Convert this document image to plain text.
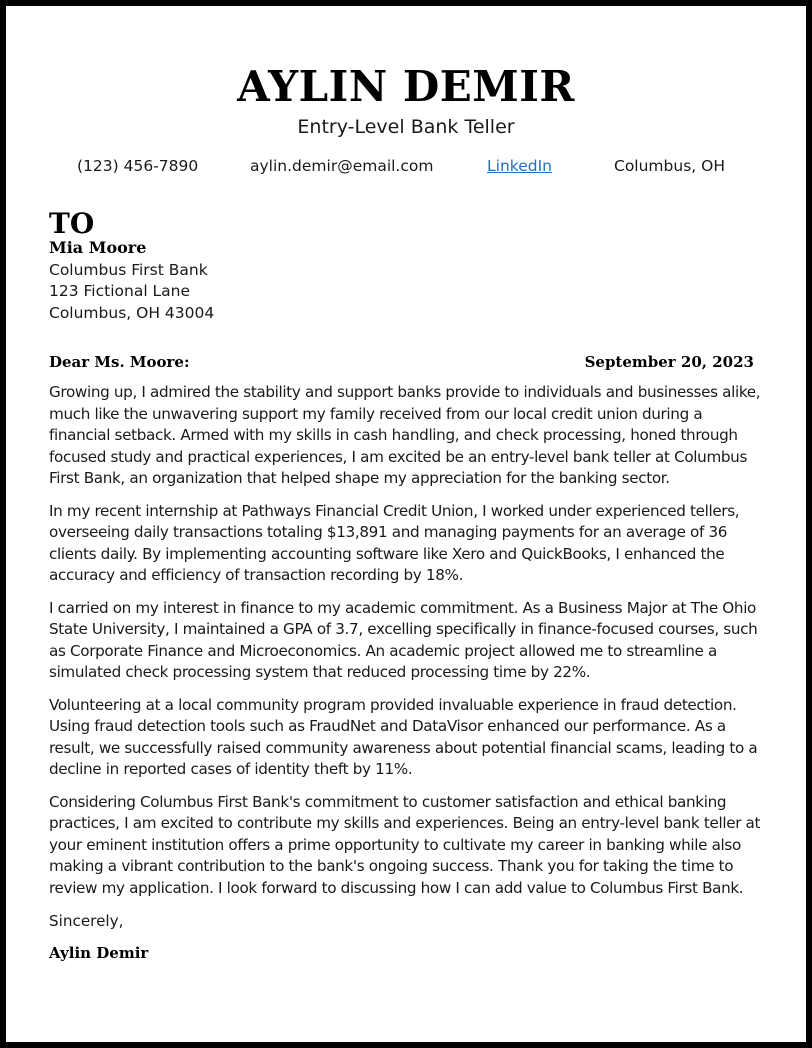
AYLIN DEMIR
Entry-Level Bank Teller
(123) 456-7890	aylin.demir@email.com	LinkedIn	Columbus, OH
TO
Mia Moore
Columbus First Bank
123 Fictional Lane
Columbus, OH 43004
Dear Ms. Moore:	September 20, 2023

Growing up, I admired the stability and support banks provide to individuals and businesses alike, much like the unwavering support my family received from our local credit union during a financial setback. Armed with my skills in cash handling, and check processing, honed through focused study and practical experiences, I am excited be an entry-level bank teller at Columbus First Bank, an organization that helped shape my appreciation for the banking sector.

In my recent internship at Pathways Financial Credit Union, I worked under experienced tellers, overseeing daily transactions totaling $13,891 and managing payments for an average of 36 clients daily. By implementing accounting software like Xero and QuickBooks, I enhanced the accuracy and efficiency of transaction recording by 18%.

I carried on my interest in finance to my academic commitment. As a Business Major at The Ohio State University, I maintained a GPA of 3.7, excelling specifically in finance-focused courses, such as Corporate Finance and Microeconomics. An academic project allowed me to streamline a simulated check processing system that reduced processing time by 22%.

Volunteering at a local community program provided invaluable experience in fraud detection. Using fraud detection tools such as FraudNet and DataVisor enhanced our performance. As a result, we successfully raised community awareness about potential financial scams, leading to a decline in reported cases of identity theft by 11%.

Considering Columbus First Bank's commitment to customer satisfaction and ethical banking practices, I am excited to contribute my skills and experiences. Being an entry-level bank teller at your eminent institution offers a prime opportunity to cultivate my career in banking while also making a vibrant contribution to the bank's ongoing success. Thank you for taking the time to review my application. I look forward to discussing how I can add value to Columbus First Bank.

Sincerely,

Aylin Demir
